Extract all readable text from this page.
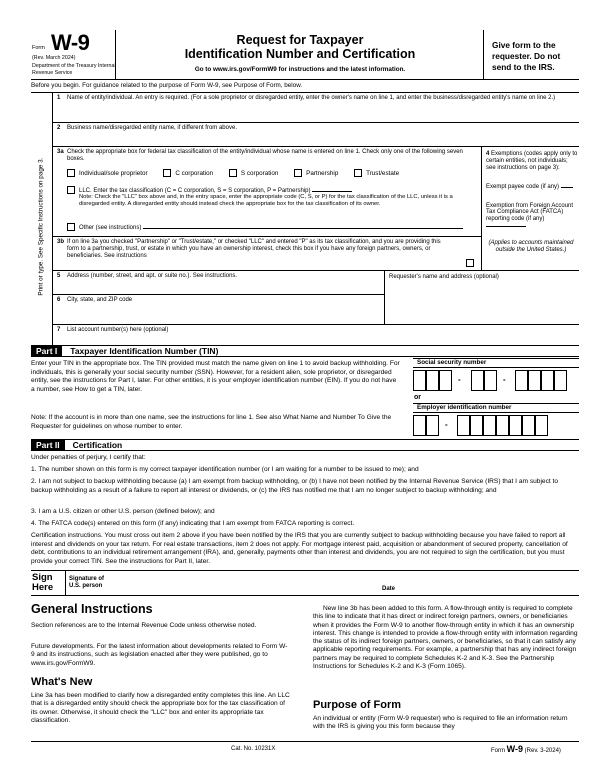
Form W-9
(Rev. March 2024)
Department of the Treasury Internal Revenue Service
Request for Taxpayer
Identification Number and Certification
Go to www.irs.gov/FormW9 for instructions and the latest information.
Give form to the requester. Do not send to the IRS.
Before you begin. For guidance related to the purpose of Form W-9, see Purpose of Form, below.
Print or type. See Specific Instructions on page 3.
1 Name of entity/individual. An entry is required. (For a sole proprietor or disregarded entity, enter the owner's name on line 1, and enter the business/disregarded entity's name on line 2.)
2 Business name/disregarded entity name, if different from above.
3a Check the appropriate box for federal tax classification of the entity/individual whose name is entered on line 1. Check only one of the following seven boxes.
Individual/sole proprietor	C corporation	S corporation	Partnership	Trust/estate
LLC. Enter the tax classification (C = C corporation, S = S corporation, P = Partnership)
Note: Check the "LLC" box above and, in the entry space, enter the appropriate code (C, S, or P) for the tax classification of the LLC, unless it is a disregarded entity. A disregarded entity should instead check the appropriate box for the tax classification of its owner.
Other (see instructions)
3b If on line 3a you checked "Partnership" or "Trust/estate," or checked "LLC" and entered "P" as its tax classification, and you are providing this form to a partnership, trust, or estate in which you have an ownership interest, check this box if you have any foreign partners, owners, or beneficiaries. See instructions
4 Exemptions (codes apply only to certain entities, not individuals; see instructions on page 3):
Exempt payee code (if any)
Exemption from Foreign Account Tax Compliance Act (FATCA) reporting code (if any)
(Applies to accounts maintained outside the United States.)
5 Address (number, street, and apt. or suite no.). See instructions.	Requester's name and address (optional)
6 City, state, and ZIP code
7 List account number(s) here (optional)
Part I Taxpayer Identification Number (TIN)
Enter your TIN in the appropriate box. The TIN provided must match the name given on line 1 to avoid backup withholding. For individuals, this is generally your social security number (SSN). However, for a resident alien, sole proprietor, or disregarded entity, see the instructions for Part I, later. For other entities, it is your employer identification number (EIN). If you do not have a number, see How to get a TIN, later.
Note: If the account is in more than one name, see the instructions for line 1. See also What Name and Number To Give the Requester for guidelines on whose number to enter.
Social security number
-	-
or
Employer identification number
-
Part II Certification
Under penalties of perjury, I certify that:
1. The number shown on this form is my correct taxpayer identification number (or I am waiting for a number to be issued to me); and
2. I am not subject to backup withholding because (a) I am exempt from backup withholding, or (b) I have not been notified by the Internal Revenue Service (IRS) that I am subject to backup withholding as a result of a failure to report all interest or dividends, or (c) the IRS has notified me that I am no longer subject to backup withholding; and
3. I am a U.S. citizen or other U.S. person (defined below); and
4. The FATCA code(s) entered on this form (if any) indicating that I am exempt from FATCA reporting is correct.
Certification instructions. You must cross out item 2 above if you have been notified by the IRS that you are currently subject to backup withholding because you have failed to report all interest and dividends on your tax return. For real estate transactions, item 2 does not apply. For mortgage interest paid, acquisition or abandonment of secured property, cancellation of debt, contributions to an individual retirement arrangement (IRA), and, generally, payments other than interest and dividends, you are not required to sign the certification, but you must provide your correct TIN. See the instructions for Part II, later.
Sign
Here
Signature of
U.S. person	Date
General Instructions
Section references are to the Internal Revenue Code unless otherwise noted.
Future developments. For the latest information about developments related to Form W-9 and its instructions, such as legislation enacted after they were published, go to www.irs.gov/FormW9.
What's New
Line 3a has been modified to clarify how a disregarded entity completes this line. An LLC that is a disregarded entity should check the appropriate box for the tax classification of its owner. Otherwise, it should check the "LLC" box and enter its appropriate tax classification.
New line 3b has been added to this form. A flow-through entity is required to complete this line to indicate that it has direct or indirect foreign partners, owners, or beneficiaries when it provides the Form W-9 to another flow-through entity in which it has an ownership interest. This change is intended to provide a flow-through entity with information regarding the status of its indirect foreign partners, owners, or beneficiaries, so that it can satisfy any applicable reporting requirements. For example, a partnership that has any indirect foreign partners may be required to complete Schedules K-2 and K-3. See the Partnership Instructions for Schedules K-2 and K-3 (Form 1065).
Purpose of Form
An individual or entity (Form W-9 requester) who is required to file an information return with the IRS is giving you this form because they
Cat. No. 10231X	Form W-9 (Rev. 3-2024)
